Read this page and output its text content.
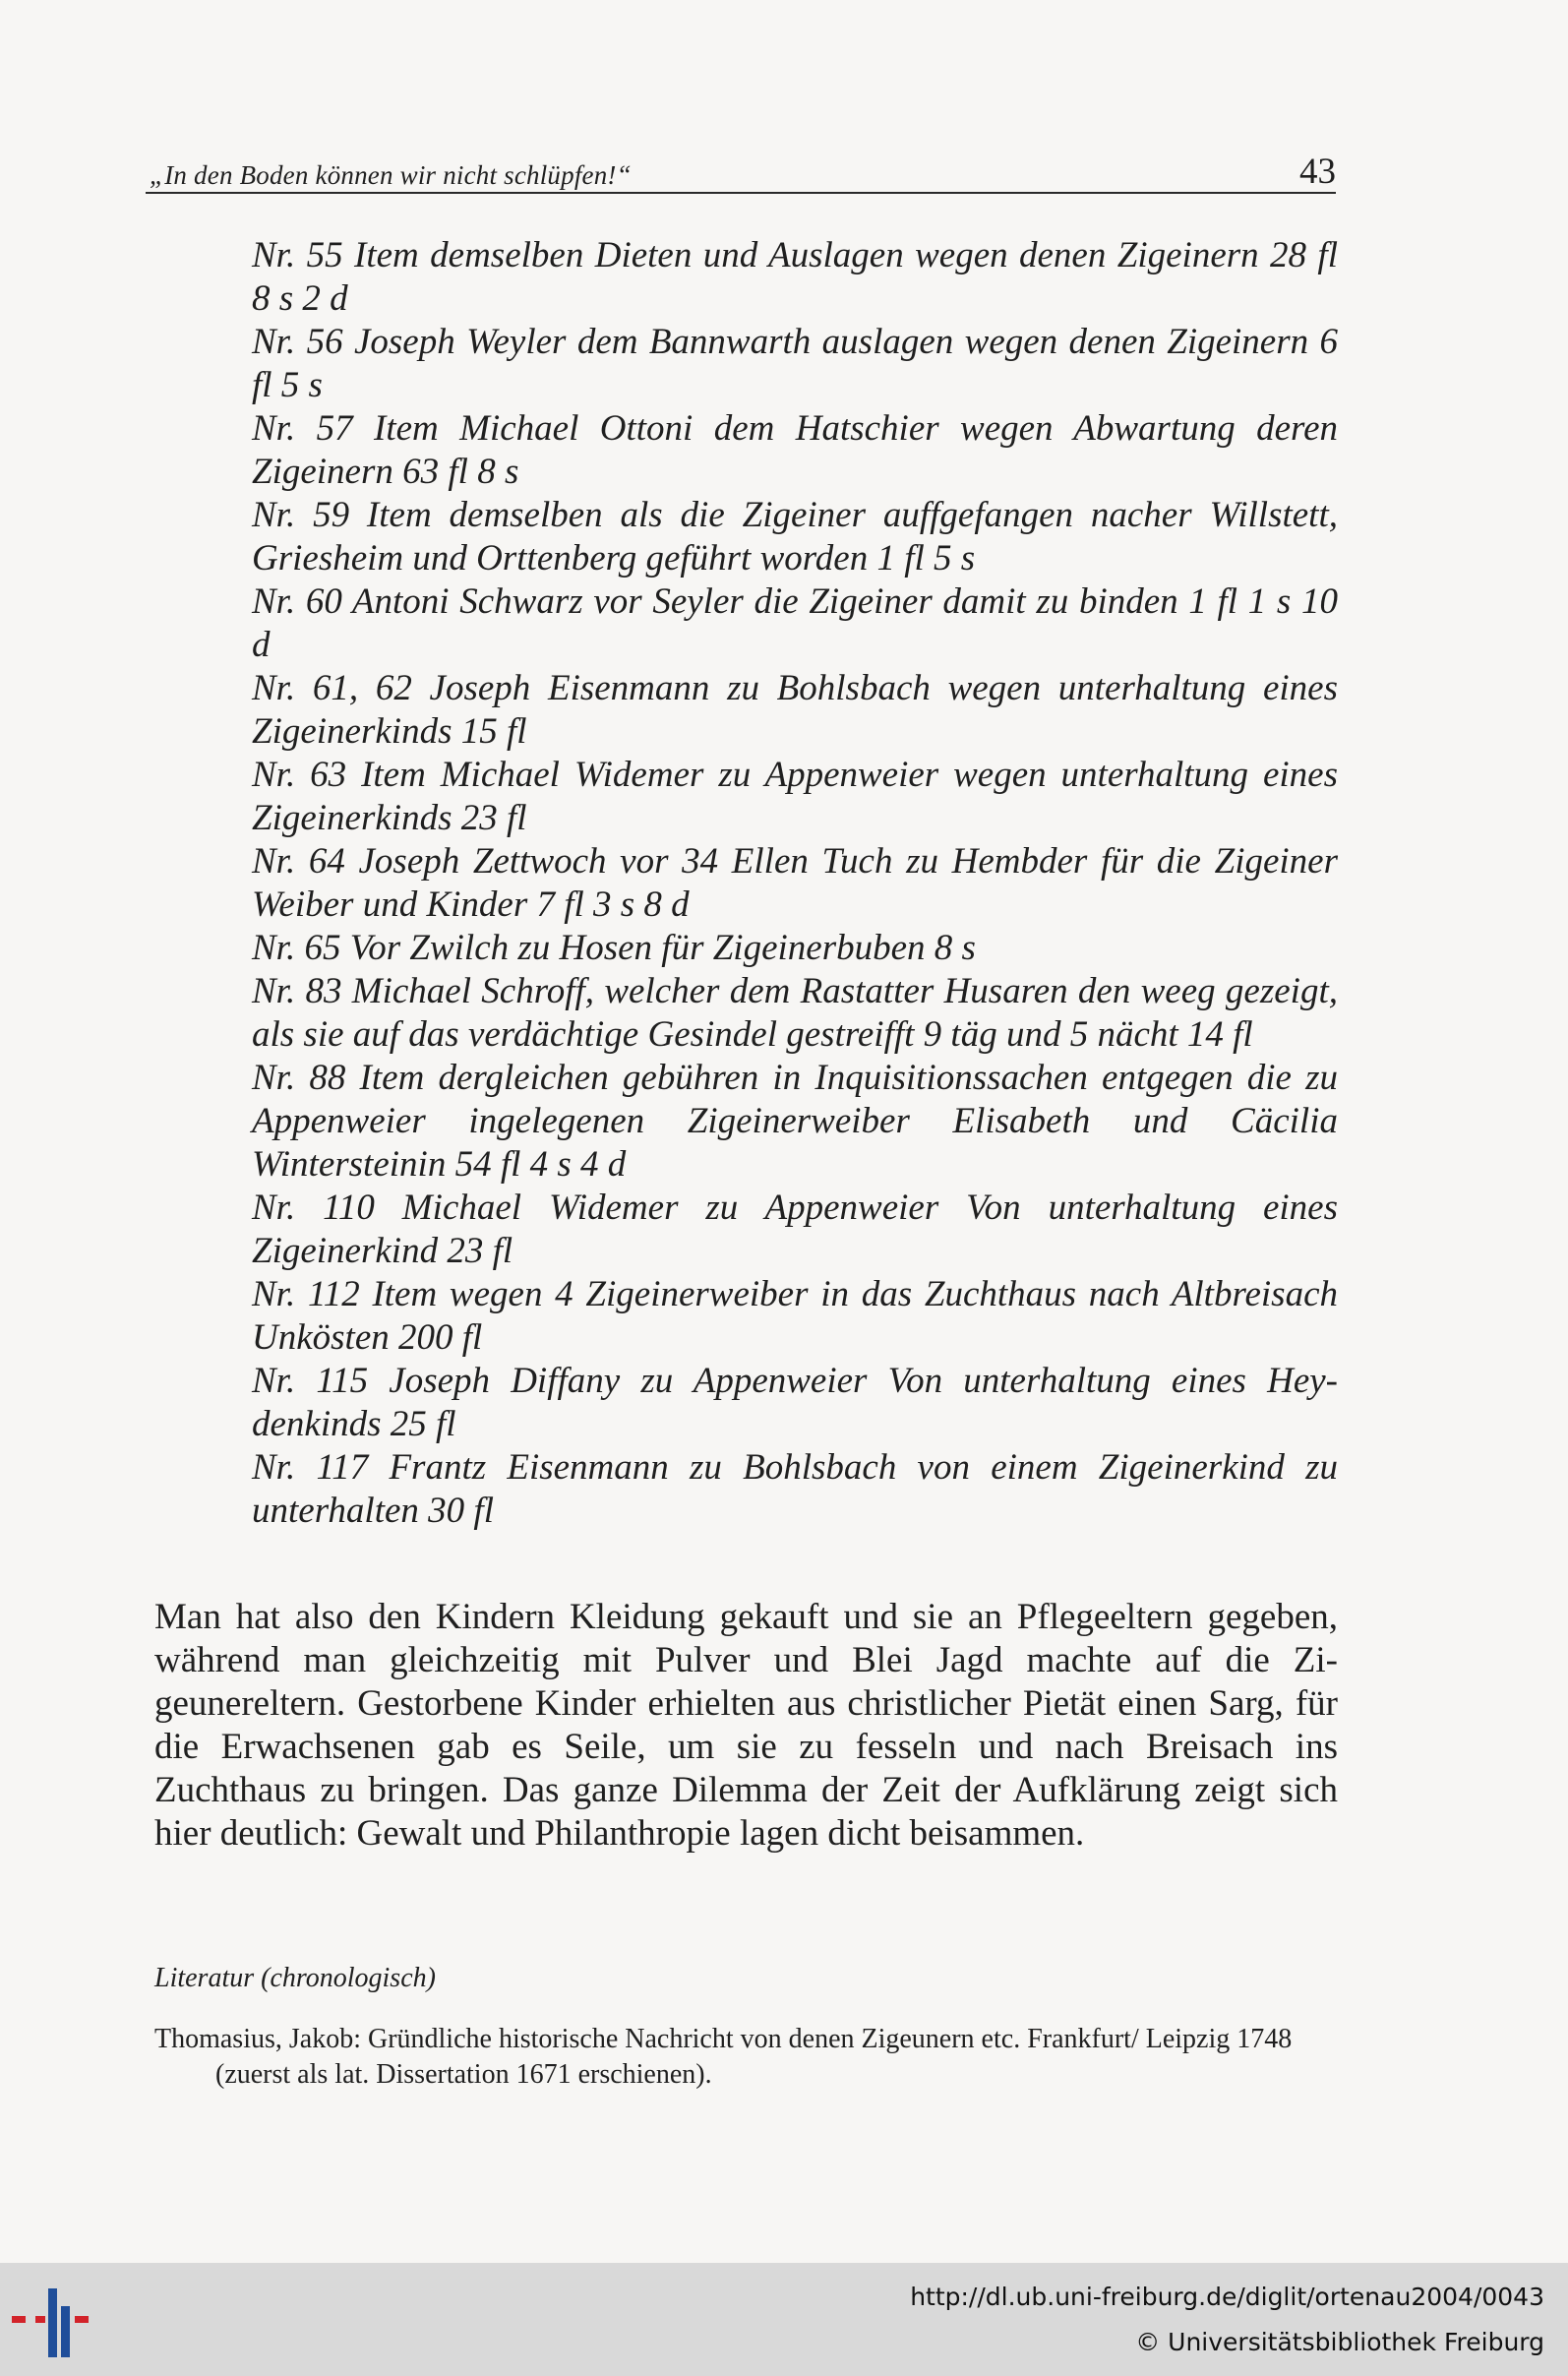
„In den Boden können wir nicht schlüpfen!“	43
Nr. 55 Item demselben Dieten und Auslagen wegen denen Zigeinern 28 fl 8 s 2 d
Nr. 56 Joseph Weyler dem Bannwarth auslagen wegen denen Zigeinern 6 fl 5 s
Nr. 57 Item Michael Ottoni dem Hatschier wegen Abwartung deren Zigeinern 63 fl 8 s
Nr. 59 Item demselben als die Zigeiner auffgefangen nacher Willstett, Griesheim und Orttenberg geführt worden 1 fl 5 s
Nr. 60 Antoni Schwarz vor Seyler die Zigeiner damit zu binden 1 fl 1 s 10 d
Nr. 61, 62 Joseph Eisenmann zu Bohlsbach wegen unterhaltung eines Zigeinerkinds 15 fl
Nr. 63 Item Michael Widemer zu Appenweier wegen unterhaltung eines Zigeinerkinds 23 fl
Nr. 64 Joseph Zettwoch vor 34 Ellen Tuch zu Hembder für die Zigeiner Weiber und Kinder 7 fl 3 s 8 d
Nr. 65 Vor Zwilch zu Hosen für Zigeinerbuben 8 s
Nr. 83 Michael Schroff, welcher dem Rastatter Husaren den weeg gezeigt, als sie auf das verdächtige Gesindel gestreifft 9 täg und 5 nächt 14 fl
Nr. 88 Item dergleichen gebühren in Inquisitionssachen entgegen die zu Appenweier ingelegenen Zigeinerweiber Elisabeth und Cäcilia Wintersteinin 54 fl 4 s 4 d
Nr. 110 Michael Widemer zu Appenweier Von unterhaltung eines Zigeinerkind 23 fl
Nr. 112 Item wegen 4 Zigeinerweiber in das Zuchthaus nach Altbreisach Unkösten 200 fl
Nr. 115 Joseph Diffany zu Appenweier Von unterhaltung eines Heydenkinds 25 fl
Nr. 117 Frantz Eisenmann zu Bohlsbach von einem Zigeinerkind zu unterhalten 30 fl

Man hat also den Kindern Kleidung gekauft und sie an Pflegeeltern gegeben, während man gleichzeitig mit Pulver und Blei Jagd machte auf die Zigeunereltern. Gestorbene Kinder erhielten aus christlicher Pietät einen Sarg, für die Erwachsenen gab es Seile, um sie zu fesseln und nach Breisach ins Zuchthaus zu bringen. Das ganze Dilemma der Zeit der Aufklärung zeigt sich hier deutlich: Gewalt und Philanthropie lagen dicht beisammen.

Literatur (chronologisch)
Thomasius, Jakob: Gründliche historische Nachricht von denen Zigeunern etc. Frankfurt/ Leipzig 1748 (zuerst als lat. Dissertation 1671 erschienen).
http://dl.ub.uni-freiburg.de/diglit/ortenau2004/0043
© Universitätsbibliothek Freiburg
